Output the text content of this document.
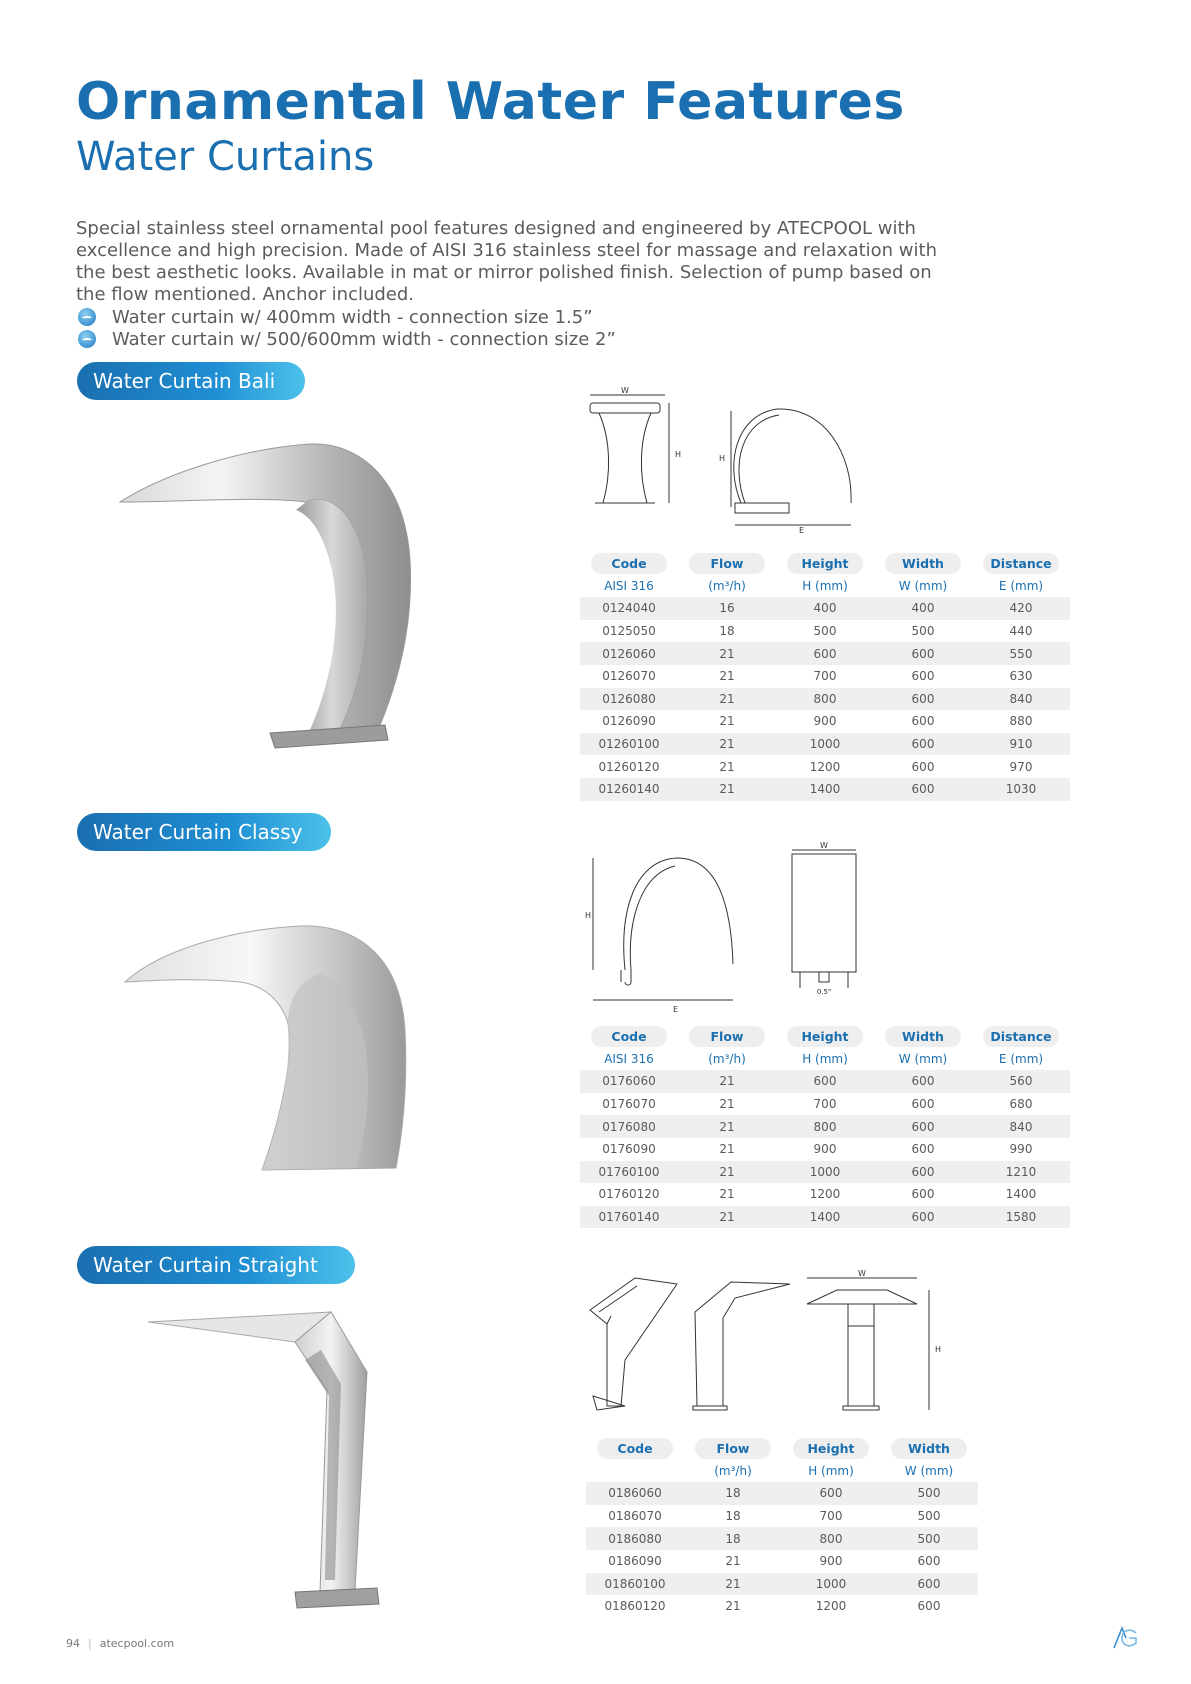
Ornamental Water Features
Water Curtains

Special stainless steel ornamental pool features designed and engineered by ATECPOOL with excellence and high precision. Made of AISI 316 stainless steel for massage and relaxation with the best aesthetic looks. Available in mat or mirror polished finish. Selection of pump based on the flow mentioned. Anchor included.

Water curtain w/ 400mm width - connection size 1.5”
Water curtain w/ 500/600mm width - connection size 2”
Water Curtain Bali	W
H	H
E
Code	Flow	Height	Width	Distance
AISI 316	(m³/h)	H (mm)	W (mm)	E (mm)
0124040	16	400	400	420
0125050	18	500	500	440
0126060	21	600	600	550
0126070	21	700	600	630
0126080	21	800	600	840
0126090	21	900	600	880
01260100	21	1000	600	910
01260120	21	1200	600	970
01260140	21	1400	600	1030
Water Curtain Classy
H
E
W
0.5"
Code	Flow	Height	Width	Distance
AISI 316	(m³/h)	H (mm)	W (mm)	E (mm)
0176060	21	600	600	560
0176070	21	700	600	680
0176080	21	800	600	840
0176090	21	900	600	990
01760100	21	1000	600	1210
01760120	21	1200	600	1400
01760140	21	1400	600	1580
Water Curtain Straight	W
H
Code	Flow	Height	Width
	(m³/h)	H (mm)	W (mm)
0186060	18	600	500
0186070	18	700	500
0186080	18	800	500
0186090	21	900	600
01860100	21	1000	600
01860120	21	1200	600
94 | atecpool.com
